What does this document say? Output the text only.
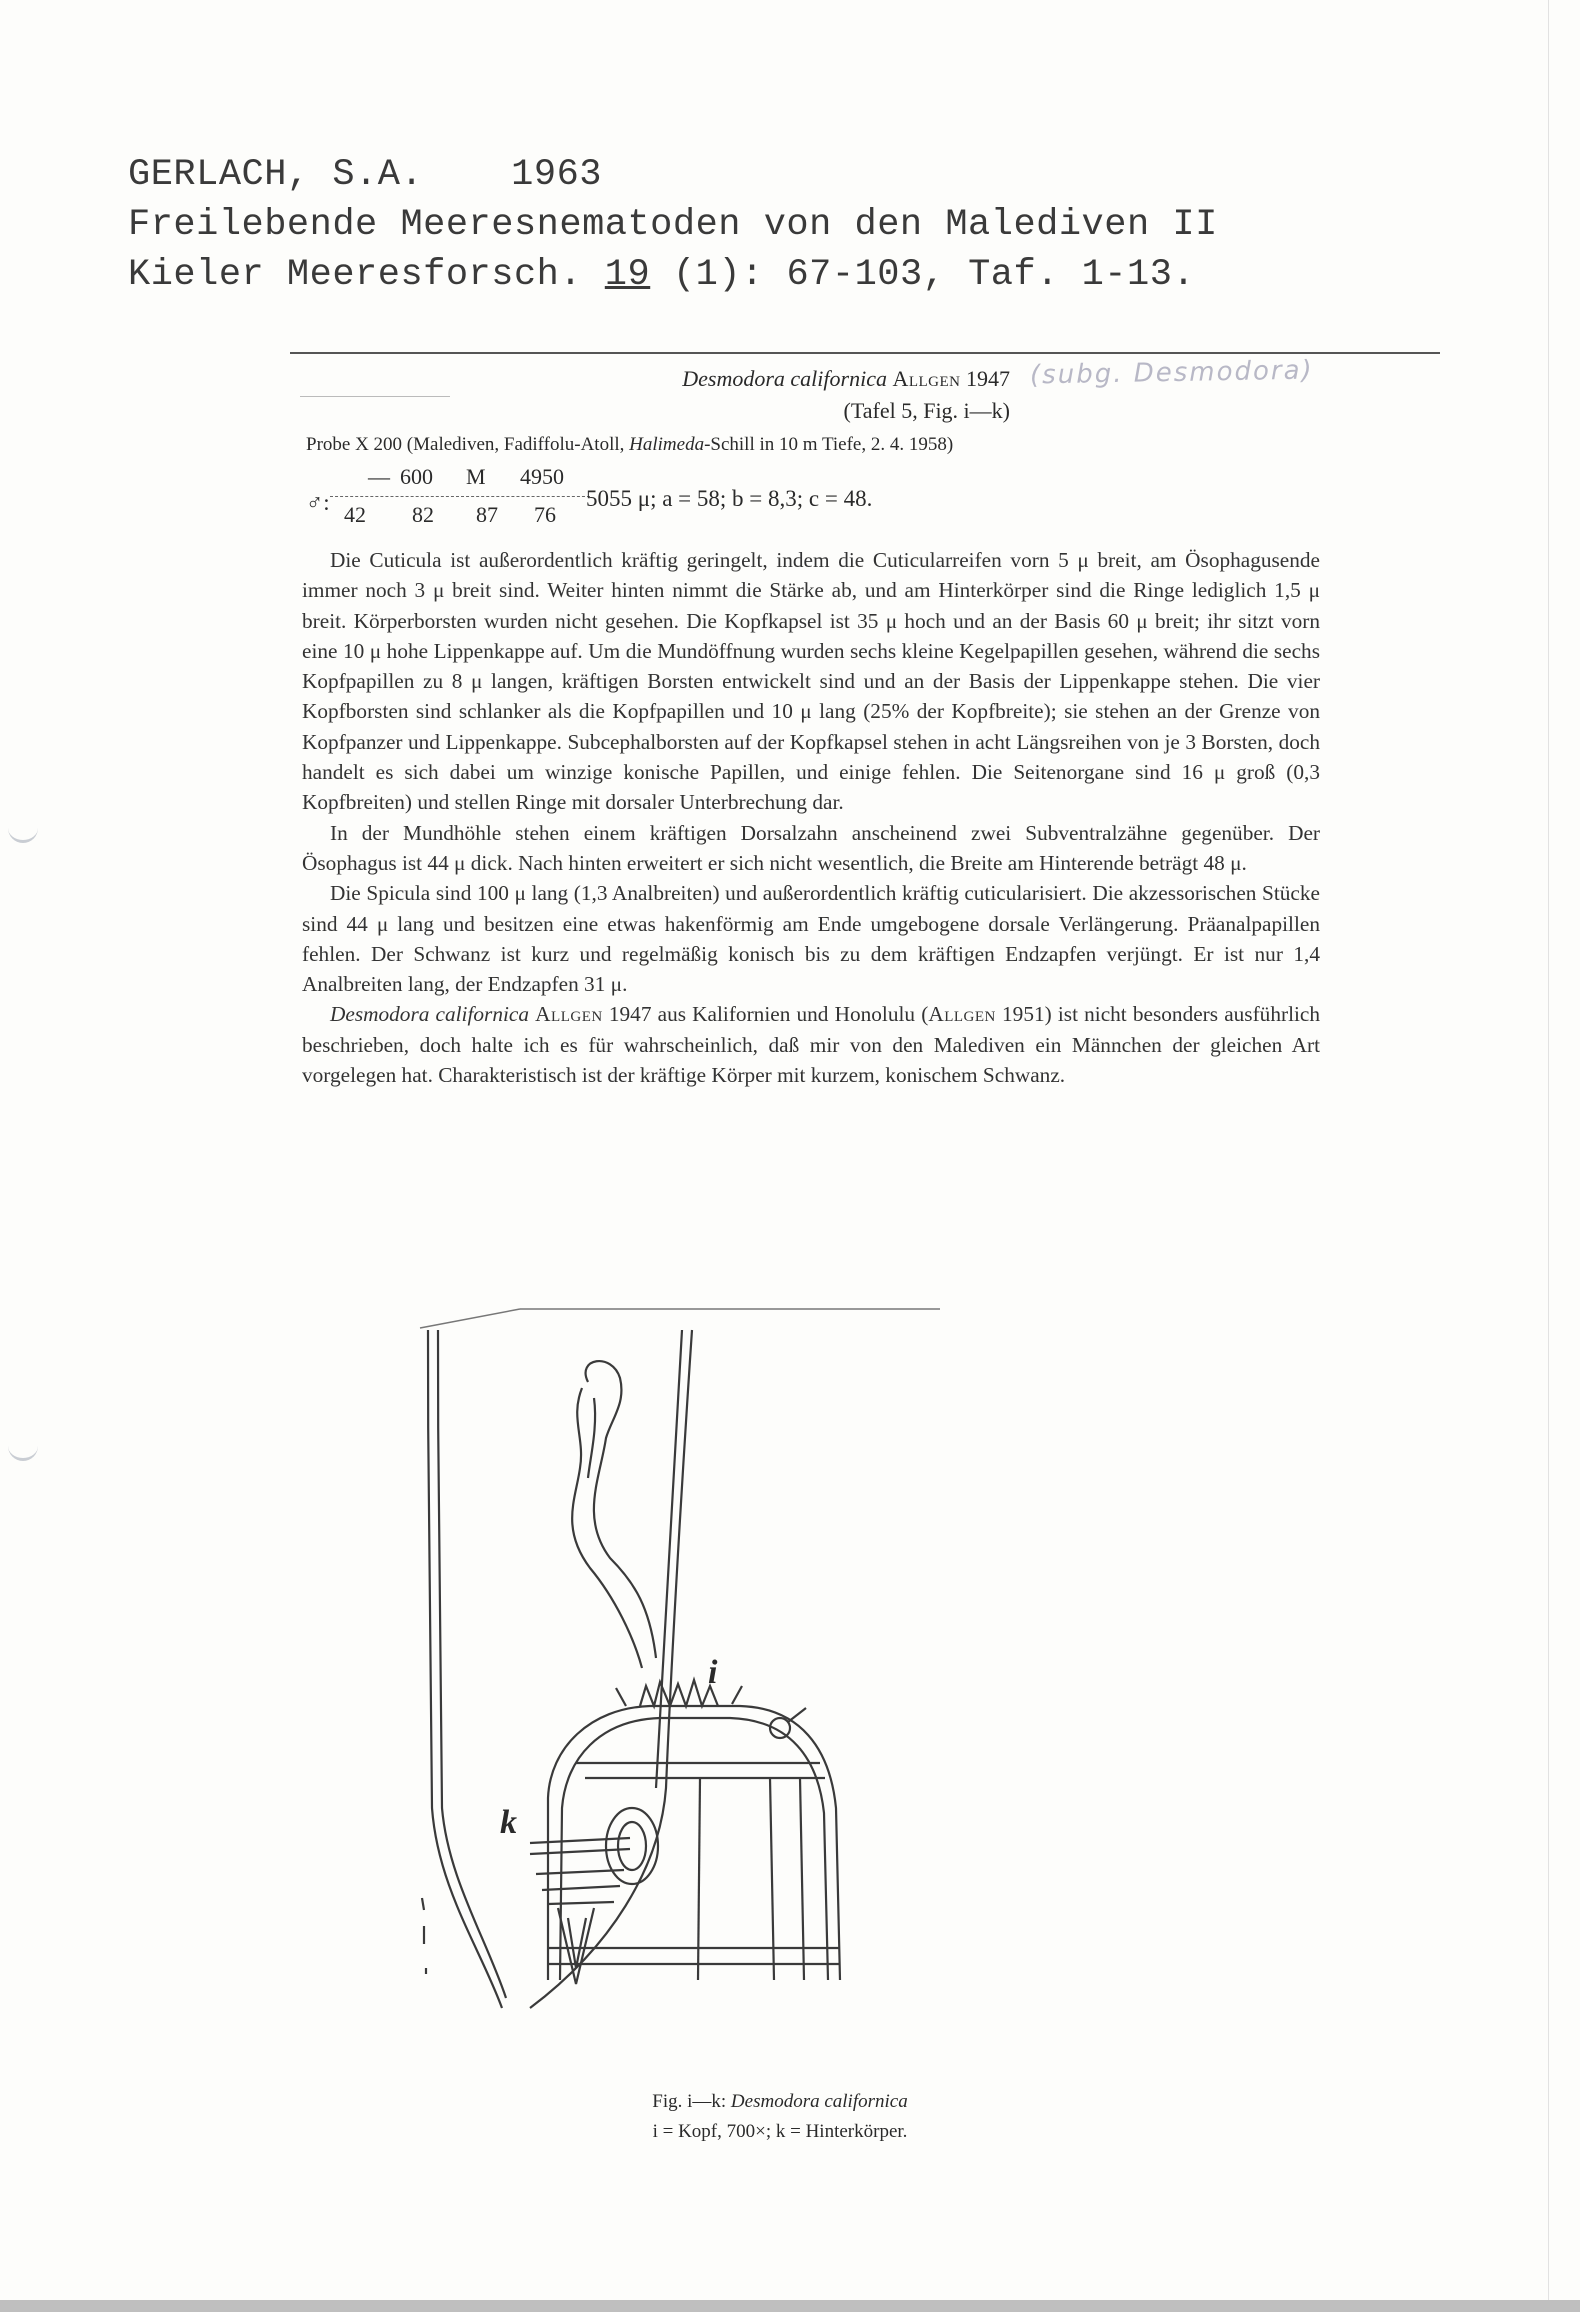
GERLACH, S.A. 1963
Freilebende Meeresnematoden von den Malediven II
Kieler Meeresforsch. 19 (1): 67-103, Taf. 1-13.
Desmodora californica Allgen 1947 (subg. Desmodora)
(Tafel 5, Fig. i—k)
Probe X 200 (Malediven, Fadiffolu-Atoll, Halimeda-Schill in 10 m Tiefe, 2. 4. 1958)
♂:
— 600 M 4950
42 82 87 76
5055 μ; a = 58; b = 8,3; c = 48.

Die Cuticula ist außerordentlich kräftig geringelt, indem die Cuticularreifen vorn 5 μ breit, am Ösophagusende immer noch 3 μ breit sind. Weiter hinten nimmt die Stärke ab, und am Hinterkörper sind die Ringe lediglich 1,5 μ breit. Körperborsten wurden nicht gesehen. Die Kopfkapsel ist 35 μ hoch und an der Basis 60 μ breit; ihr sitzt vorn eine 10 μ hohe Lippenkappe auf. Um die Mundöffnung wurden sechs kleine Kegelpapillen gesehen, während die sechs Kopfpapillen zu 8 μ langen, kräftigen Borsten entwickelt sind und an der Basis der Lippenkappe stehen. Die vier Kopfborsten sind schlanker als die Kopfpapillen und 10 μ lang (25% der Kopfbreite); sie stehen an der Grenze von Kopfpanzer und Lippenkappe. Subcephalborsten auf der Kopfkapsel stehen in acht Längsreihen von je 3 Borsten, doch handelt es sich dabei um winzige konische Papillen, und einige fehlen. Die Seitenorgane sind 16 μ groß (0,3 Kopfbreiten) und stellen Ringe mit dorsaler Unterbrechung dar.

In der Mundhöhle stehen einem kräftigen Dorsalzahn anscheinend zwei Subventralzähne gegenüber. Der Ösophagus ist 44 μ dick. Nach hinten erweitert er sich nicht wesentlich, die Breite am Hinterende beträgt 48 μ.

Die Spicula sind 100 μ lang (1,3 Analbreiten) und außerordentlich kräftig cuticularisiert. Die akzessorischen Stücke sind 44 μ lang und besitzen eine etwas hakenförmig am Ende umgebogene dorsale Verlängerung. Präanalpapillen fehlen. Der Schwanz ist kurz und regelmäßig konisch bis zu dem kräftigen Endzapfen verjüngt. Er ist nur 1,4 Analbreiten lang, der Endzapfen 31 μ.

Desmodora californica Allgen 1947 aus Kalifornien und Honolulu (Allgen 1951) ist nicht besonders ausführlich beschrieben, doch halte ich es für wahrscheinlich, daß mir von den Malediven ein Männchen der gleichen Art vorgelegen hat. Charakteristisch ist der kräftige Körper mit kurzem, konischem Schwanz.

k
i
Fig. i—k: Desmodora californica
i = Kopf, 700×; k = Hinterkörper.
